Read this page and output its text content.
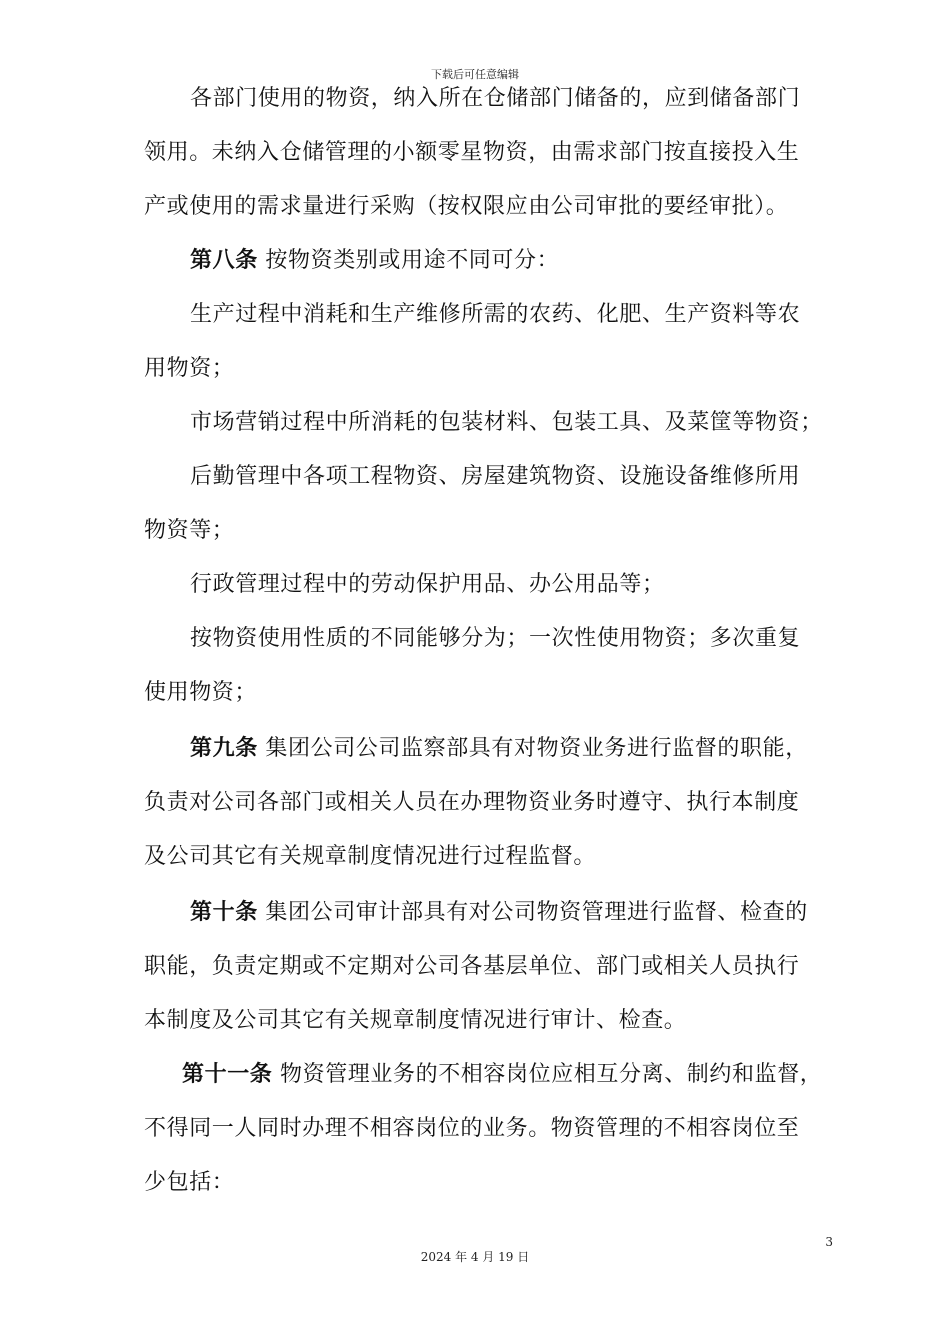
下载后可任意编辑
各部门使用的物资，纳入所在仓储部门储备的，应到储备部门
领用。未纳入仓储管理的小额零星物资，由需求部门按直接投入生
产或使用的需求量进行采购（按权限应由公司审批的要经审批）。
第八条 按物资类别或用途不同可分：
生产过程中消耗和生产维修所需的农药、化肥、生产资料等农
用物资；
市场营销过程中所消耗的包装材料、包装工具、及菜筐等物资；
后勤管理中各项工程物资、房屋建筑物资、设施设备维修所用
物资等；
行政管理过程中的劳动保护用品、办公用品等；
按物资使用性质的不同能够分为；一次性使用物资；多次重复
使用物资；
第九条 集团公司公司监察部具有对物资业务进行监督的职能，
负责对公司各部门或相关人员在办理物资业务时遵守、执行本制度
及公司其它有关规章制度情况进行过程监督。
第十条 集团公司审计部具有对公司物资管理进行监督、检查的
职能，负责定期或不定期对公司各基层单位、部门或相关人员执行
本制度及公司其它有关规章制度情况进行审计、检查。
第十一条 物资管理业务的不相容岗位应相互分离、制约和监督，
不得同一人同时办理不相容岗位的业务。物资管理的不相容岗位至
少包括：
3
2024 年 4 月 19 日
